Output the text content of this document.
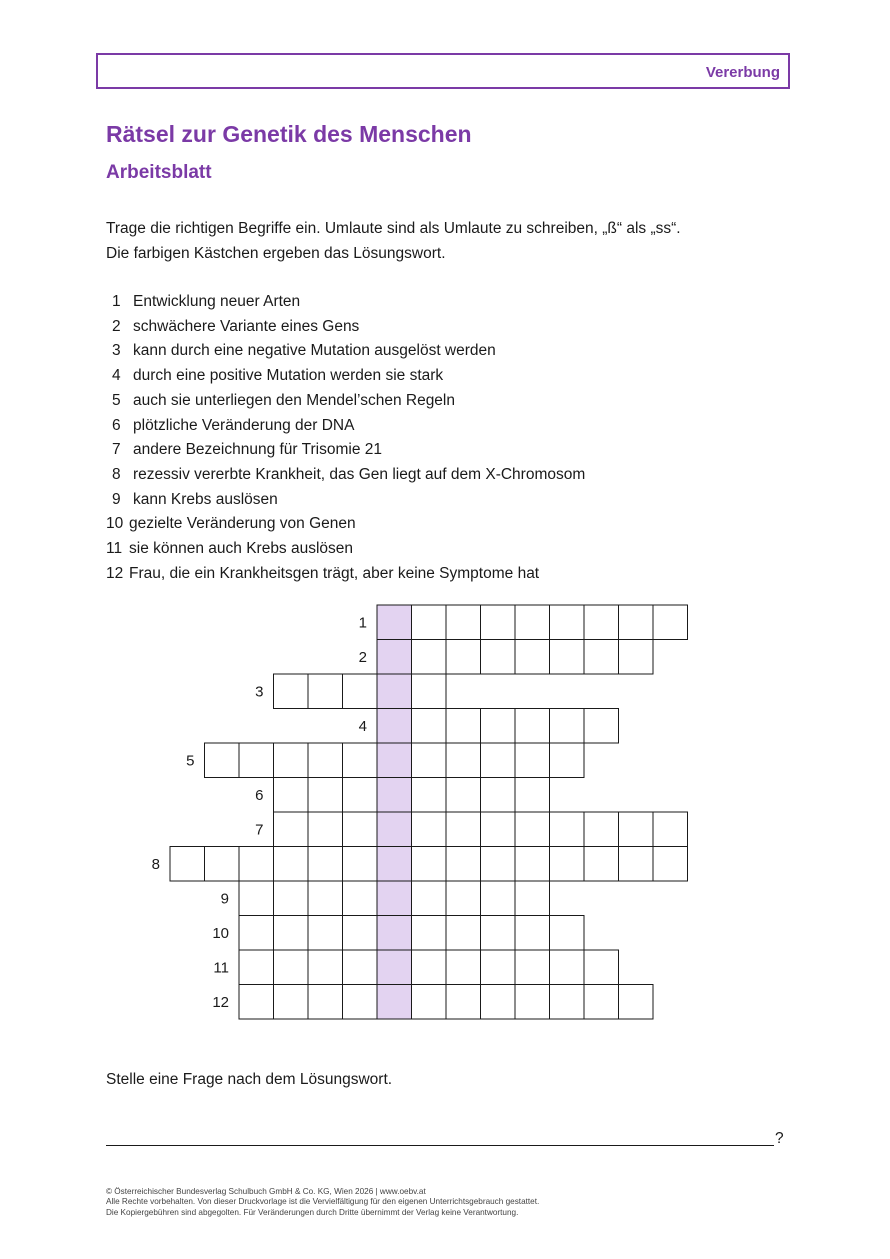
Vererbung
Rätsel zur Genetik des Menschen
Arbeitsblatt

Trage die richtigen Begriffe ein. Umlaute sind als Umlaute zu schreiben, „ß“ als „ss“.
Die farbigen Kästchen ergeben das Lösungswort.

1 Entwicklung neuer Arten
2 schwächere Variante eines Gens
3 kann durch eine negative Mutation ausgelöst werden
4 durch eine positive Mutation werden sie stark
5 auch sie unterliegen den Mendel’schen Regeln
6 plötzliche Veränderung der DNA
7 andere Bezeichnung für Trisomie 21
8 rezessiv vererbte Krankheit, das Gen liegt auf dem X-Chromosom
9 kann Krebs auslösen
10 gezielte Veränderung von Genen
11 sie können auch Krebs auslösen
12 Frau, die ein Krankheitsgen trägt, aber keine Symptome hat
1
2
3
4
5
6
7
8
9
10
11
12

Stelle eine Frage nach dem Lösungswort.

?

© Österreichischer Bundesverlag Schulbuch GmbH & Co. KG, Wien 2026 | www.oebv.at
Alle Rechte vorbehalten. Von dieser Druckvorlage ist die Vervielfältigung für den eigenen Unterrichtsgebrauch gestattet.
Die Kopiergebühren sind abgegolten. Für Veränderungen durch Dritte übernimmt der Verlag keine Verantwortung.
